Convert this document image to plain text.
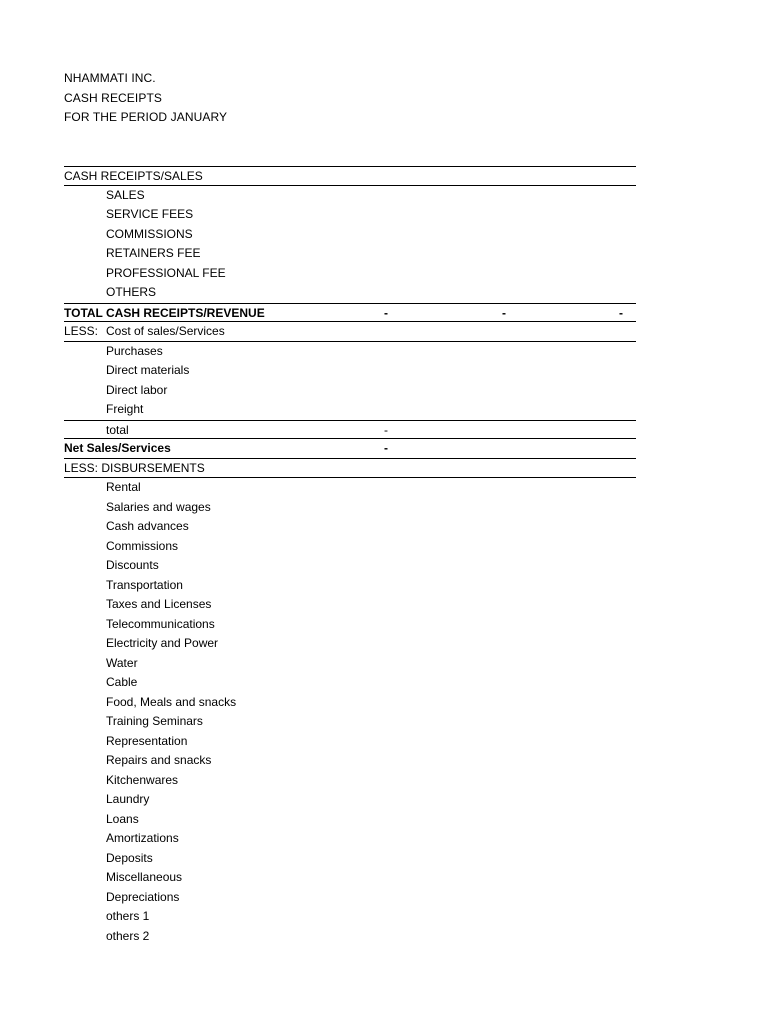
NHAMMATI INC.
CASH RECEIPTS
FOR THE PERIOD JANUARY
CASH RECEIPTS/SALES
SALES
SERVICE FEES
COMMISSIONS
RETAINERS FEE
PROFESSIONAL FEE
OTHERS
TOTAL CASH RECEIPTS/REVENUE	-	-	-
LESS: Cost of sales/Services
Purchases
Direct materials
Direct labor
Freight
total	-
Net Sales/Services	-
LESS: DISBURSEMENTS
Rental
Salaries and wages
Cash advances
Commissions
Discounts
Transportation
Taxes and Licenses
Telecommunications
Electricity and Power
Water
Cable
Food, Meals and snacks
Training Seminars
Representation
Repairs and snacks
Kitchenwares
Laundry
Loans
Amortizations
Deposits
Miscellaneous
Depreciations
others 1
others 2
